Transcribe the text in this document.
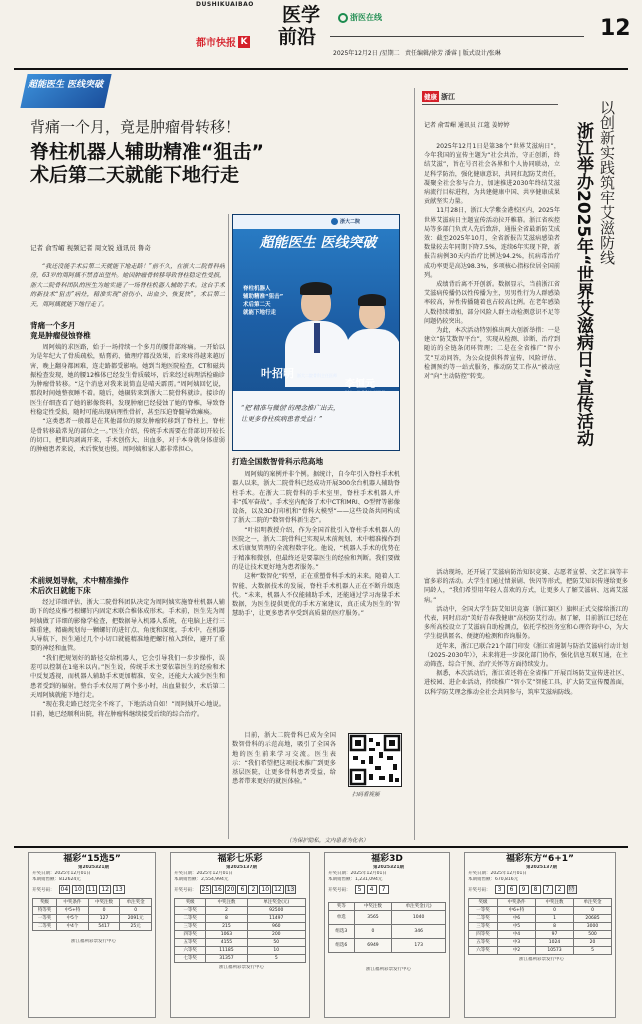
DUSHIKUAIBAO
都市快报 K
医学
前沿
浙医在线
2025年12月2日 /星期二 责任编辑/徐芳 潘睿 | 版式设计/张琳
12
超能医生 医线突破
背痛一个月，竟是肿瘤骨转移！
脊柱机器人辅助精准“狙击”
术后第二天就能下地行走
记者 俞雪嵋 视频记者 周文锐 通讯员 鲁奇
“我还没能手术后第二天就能下地走路！”前不久，在浙大二院骨科病房，63岁的周阿姨不禁喜出望外。她因肿瘤骨转移导致脊柱稳定性受损，浙大二院骨科团队的医生为她实施了一场脊柱机器人辅助手术。这台手术的新技术“狙击”病灶，精准实现“创伤小、出血少、恢复快”，术后第二天，周阿姨就能下地行走了。
浙大二院
超能医生 医线突破
脊柱机器人
辅助精准“狙击”
术后第二天
就能下地行走
叶招明 浙大二院骨科主任医师
李恒元
“把‘精准与微创’的理念推广出去，
让更多脊柱疾病患者受益！”
背痛一个多月
竟是肿瘤侵蚀脊椎

周阿姨的求医路，始于一场持续一个多月的腰背部疼痛。一开始以为是年纪大了骨质疏松，贴膏药、做理疗都没效果，后来疼得越来越厉害，晚上翻身都困难，连走路都受影响。她到当地医院检查，CT和磁共振检查发现，她的腰12椎体已经发生骨质破坏，后来经过病理活检确诊为肿瘤骨转移。“这个消息对我来说简直是晴天霹雳。”周阿姨回忆说，那段时间她整夜睡不着。随后，她辗转来到浙大二院骨科就诊。接诊的医生仔细查看了她的影像资料，发现肿瘤已经侵蚀了她的脊椎，导致脊柱稳定性受损，随时可能出现病理性骨折，甚至压迫脊髓导致瘫痪。

“这类患者一般都是在其他部位的原发肿瘤转移到了脊柱上，脊柱是骨转移最常见的部位之一。”医生介绍，传统手术需要在背部切开较长的切口，把肌肉剥离开来，手术创伤大、出血多，对于本身就身体虚弱的肿瘤患者来说，术后恢复也慢。周阿姨和家人都非常担心。

术前规划导航，术中精准操作
术后次日就能下床

经过详细评估，浙大二院骨科团队决定为周阿姨实施脊柱机器人辅助下的经皮椎弓根螺钉内固定术联合椎体成形术。手术前，医生先为周阿姨做了详细的影像学检查，把数据导入机器人系统，在电脑上进行三维重建，精确规划每一颗螺钉的进钉点、角度和深度。手术中，在机器人导航下，医生通过几个小切口就能精准地把螺钉植入到位，避开了重要的神经和血管。

“我们把规划好的路径交给机器人，它会引导我们一步步操作，误差可以控制在1毫米以内。”医生说，传统手术主要依靠医生的经验和术中反复透视，而机器人辅助手术更加精准、安全，还能大大减少医生和患者受到的辐射。整台手术仅用了两个多小时，出血量很少，术后第二天周阿姨就能下地行走。

“现在我走路已经完全不疼了，下地活动自如！”周阿姨开心地说。目前，她已经顺利出院，将在肿瘤科继续接受后续的综合治疗。

打造全国数智骨科示范高地

周阿姨的案例并非个例。据统计，自今年引入脊柱手术机器人以来，浙大二院骨科已经成功开展300余台机器人辅助脊柱手术。在浙大二院骨科的手术室里，脊柱手术机器人并非“孤军奋战”。手术室内配备了术中CT和MRI、O型臂等影像设备，以及3D打印机和“骨科大模型”——这些设备共同构成了浙大二院的“数智骨科新生态”。

“叶招明教授介绍，作为全国首批引入脊柱手术机器人的医院之一，浙大二院骨科已实现从术前规划、术中精准操作到术后康复管理的全流程数字化。他说，“机器人手术的优势在于精准和微创，但最终还是要靠医生的经验和判断。我们要做的是让技术更好地为患者服务。”

这种“数智化”转型，正在重塑骨科手术的未来。随着人工智能、大数据技术的发展，脊柱手术机器人正在不断升级迭代。“未来，机器人不仅能辅助手术，还能通过学习海量手术数据，为医生提供更优的手术方案建议，真正成为医生的‘智慧助手’，让更多患者享受到高质量的医疗服务。”

目前，浙大二院骨科已成为全国数智骨科的示范高地，吸引了全国各地的医生前来学习交流。医生表示：“我们希望把这项技术推广到更多基层医院，让更多骨科患者受益，给患者带来更好的就医体验。”
扫码看视频
（为保护隐私，文内患者为化名）
健康 浙江
记者 俞雪嵋 通讯员 江蔻 姜婷婷	以创新实践筑牢艾滋防线
浙江举办2025年“世界艾滋病日”宣传活动

2025年12月1日是第38个“世界艾滋病日”，今年我国的宣传主题为“社会共治，守正创新，终结艾滋”，旨在号召社会各界和个人协同联动，立足科学防治，强化健康意识，共同扛起防艾责任，凝聚全社会参与合力，加速推进2030年终结艾滋病流行目标进程，为共建健康中国、共享健康成果贡献坚实力量。

11月28日，浙江大学紫金港校区内，2025年世界艾滋病日主题宣传活动拉开帷幕。浙江省疾控局等多部门负责人先后致辞，通报全省最新防艾成效：截至2025年10月，全省新报告艾滋病感染者数量较去年同期下降7.5%，连续6年实现下降，新报告病例30天内治疗比例达94.2%，抗病毒治疗成功率更是高达98.3%，多项核心指标位居全国前列。

成绩背后离不开创新。数据显示，当前浙江省艾滋病传播仍以性传播为主，男男性行为人群感染率较高，异性传播随着也占较高比例。在老年感染人数持续增加，部分风险人群主动检测意识不足等问题仍较突出。

为此，本次活动特别推出两大创新举措：一是建立“防艾数智平台”，实现从检测、诊断、治疗到随访的全链条闭环管理；二是在全省推广“智小艾”互动问答，为公众提供科普宣传、风险评估、检测预约等一站式服务，推动防艾工作从“被动应对”向“主动防控”转变。

活动现场，还开展了艾滋病防治知识竞赛、志愿者宣誓、文艺汇演等丰富多彩的活动。大学生们通过情景剧、快闪等形式，把防艾知识传递给更多同龄人，“我们希望用年轻人喜欢的方式，让更多人了解艾滋病、远离艾滋病。”

活动中，全国大学生防艾知识竞赛（浙江赛区）旗帜正式交接给浙江的代表，同时启动“美好青春我健康”高校防艾行动。据了解，目前浙江已经在多所高校设立了艾滋病自助检测点，依托学校医务室和心理咨询中心，为大学生提供匿名、便捷的检测和咨询服务。

近年来，浙江已联合21个部门印发《浙江省遏制与防治艾滋病行动计划（2025-2030年）》，未来将进一步深化部门协作，强化信息互联互通，在主动筛查、综合干预、治疗关怀等方面持续发力。

据悉，本次活动后，浙江省还将在全省推广开展百场防艾宣传进社区、进校园、进企业活动，持续推广“智小艾”智能工具，扩大防艾宣传覆盖面，以科学防艾理念推动全社会共同参与，筑牢艾滋病防线。

福彩“15选5”
第2025321期
开奖日期：2025年12月01日
本期销售额：812624元
开奖号码：	04	10	11	12	13
奖级	中奖条件	中奖注数	单注奖金
特等奖	中5+特	0	0
一等奖	中5个	127	2091元
二等奖	中4个	5417	25元
浙江福利彩票发行中心
福彩七乐彩
第2025137期
开奖日期：2025年12月01日
本期销售额：2,554,994元
开奖号码： 25 16 20	6	2	10 12 13
奖级	中奖注数	单注奖金(元)
一等奖	2	92500
二等奖	8	11497
三等奖	215	960
四等奖	1063	200
五等奖	4155	50
六等奖	11185	10
七等奖	31357	5
浙江福利彩票发行中心
福彩3D
第2025321期
开奖日期：2025年12月01日
本期销售额：1,231,094元
开奖号码：	5	4	7
奖等	中奖注数	单注奖金(元)
单选	3565	1040
组选3	0	346
组选6	6949	173
浙江福利彩票发行中心
福彩东方“6+1”
第2025137期
开奖日期：2025年12月01日
本期销售额：670,816元
开奖号码：	3	6	9	8	7	2	特
奖级	中奖条件	中奖注数	单注奖金
一等奖	中6+特	0	0
二等奖	中6	1	20685
三等奖	中5	8	3000
四等奖	中4	97	500
五等奖	中3	1024	20
六等奖	中2	10573	5
浙江福利彩票发行中心
